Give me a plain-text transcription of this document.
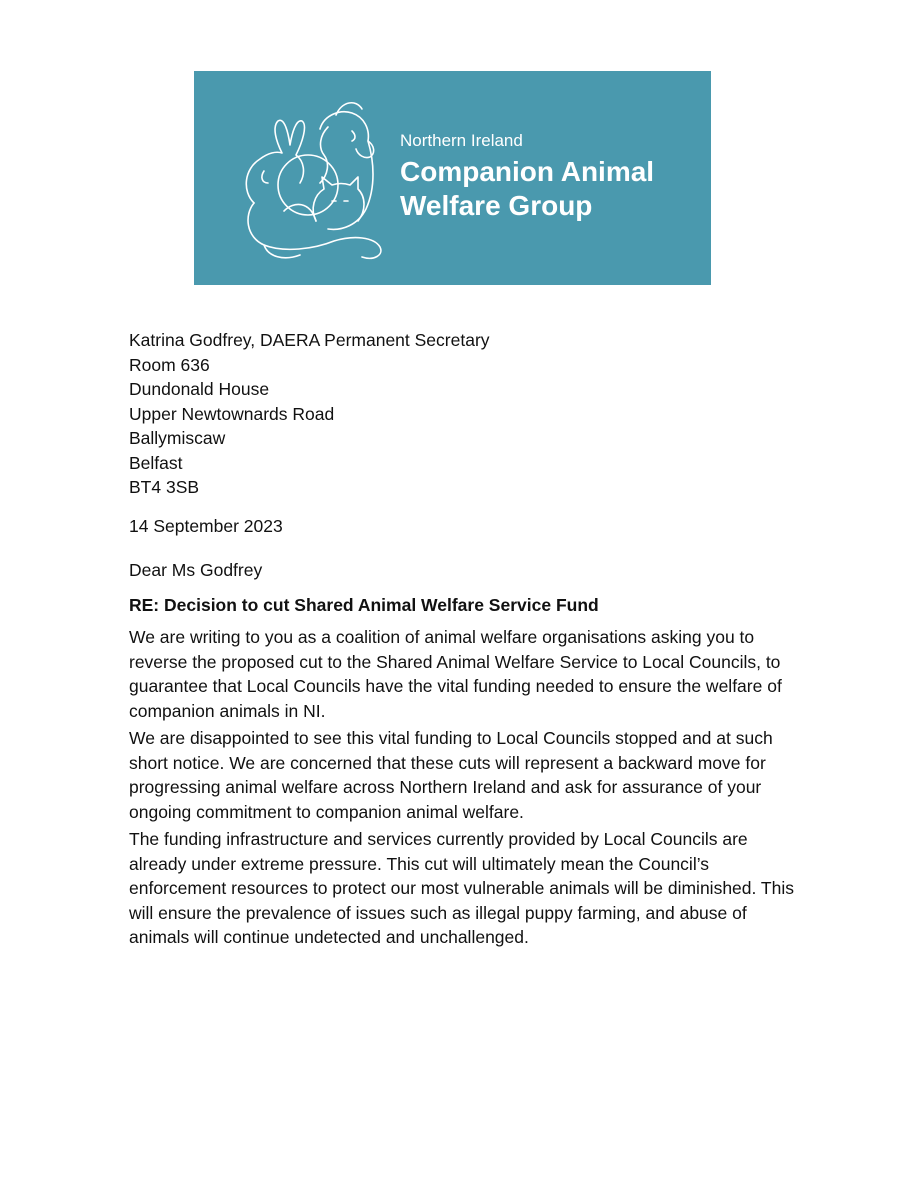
Northern Ireland
Companion Animal
Welfare Group
Katrina Godfrey, DAERA Permanent Secretary
Room 636
Dundonald House
Upper Newtownards Road
Ballymiscaw
Belfast
BT4 3SB
14 September 2023
Dear Ms Godfrey
RE: Decision to cut Shared Animal Welfare Service Fund
We are writing to you as a coalition of animal welfare organisations asking you to reverse the proposed cut to the Shared Animal Welfare Service to Local Councils, to guarantee that Local Councils have the vital funding needed to ensure the welfare of companion animals in NI.
We are disappointed to see this vital funding to Local Councils stopped and at such short notice. We are concerned that these cuts will represent a backward move for progressing animal welfare across Northern Ireland and ask for assurance of your ongoing commitment to companion animal welfare.
The funding infrastructure and services currently provided by Local Councils are already under extreme pressure. This cut will ultimately mean the Council’s enforcement resources to protect our most vulnerable animals will be diminished. This will ensure the prevalence of issues such as illegal puppy farming, and abuse of animals will continue undetected and unchallenged.
